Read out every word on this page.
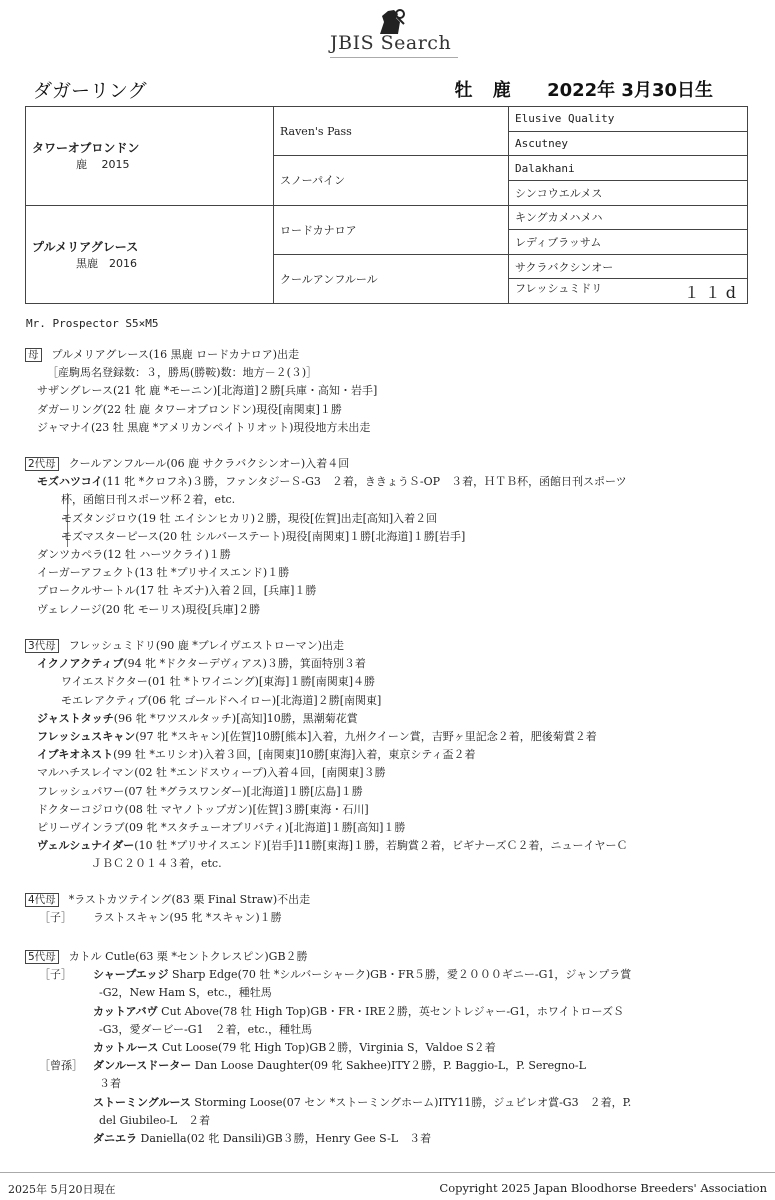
JBIS Search
ダガーリング	牡 鹿 2022年 3月30日生
タワーオブロンドン
鹿　 2015	Raven's Pass	Elusive Quality
		Ascutney
	スノーパイン	Dalakhani
		シンコウエルメス

プルメリアグレース
黒鹿　2016	ロードカナロア	キングカメハメハ
		レディブラッサム
	クールアンフルール	サクラバクシンオー
		フレッシュミドリ １１d
Mr. Prospector S5×M5
母 プルメリアグレース(16 黒鹿 ロードカナロア)出走
［産駒馬名登録数：３，勝馬(勝鞍)数：地方－２(３)］
サザングレース(21 牝 鹿 *モーニン)[北海道]２勝[兵庫・高知・岩手]
ダガーリング(22 牡 鹿 タワーオブロンドン)現役[南関東]１勝
ジャマナイ(23 牡 黒鹿 *アメリカンペイトリオット)現役地方未出走
2代母 クールアンフルール(06 鹿 サクラバクシンオー)入着４回
モズハツコイ(11 牝 *クロフネ)３勝，ファンタジーＳ-G3　２着，ききょうＳ-OP　３着，ＨＴＢ杯，函館日刊スポーツ
杯，函館日刊スポーツ杯２着，etc.
モズタンジロウ(19 牡 エイシンヒカリ)２勝，現役[佐賀]出走[高知]入着２回
モズマスターピース(20 牡 シルバーステート)現役[南関東]１勝[北海道]１勝[岩手]
ダンツカペラ(12 牡 ハーツクライ)１勝
イーガーアフェクト(13 牡 *プリサイスエンド)１勝
プロークルサートル(17 牡 キズナ)入着２回，[兵庫]１勝
ヴェレノージ(20 牝 モーリス)現役[兵庫]２勝
3代母 フレッシュミドリ(90 鹿 *ブレイヴエストローマン)出走
イクノアクティブ(94 牝 *ドクターデヴィアス)３勝，箕面特別３着
ワイエスドクター(01 牡 *トワイニング)[東海]１勝[南関東]４勝
モエレアクティブ(06 牝 ゴールドヘイロー)[北海道]２勝[南関東]
ジャストタッチ(96 牝 *ワツスルタッチ)[高知]10勝，黒潮菊花賞
フレッシュスキャン(97 牝 *スキャン)[佐賀]10勝[熊本]入着，九州クイーン賞，吉野ヶ里記念２着，肥後菊賞２着
イブキオネスト(99 牡 *エリシオ)入着３回，[南関東]10勝[東海]入着，東京シティ盃２着
マルハチスレイマン(02 牡 *エンドスウィープ)入着４回，[南関東]３勝
フレッシュパワー(07 牡 *グラスワンダー)[北海道]１勝[広島]１勝
ドクターコジロウ(08 牡 マヤノトップガン)[佐賀]３勝[東海・石川]
ピリーヴインラブ(09 牝 *スタチューオブリバティ)[北海道]１勝[高知]１勝
ヴェルシュナイダー(10 牡 *プリサイスエンド)[岩手]11勝[東海]１勝，若駒賞２着，ビギナーズＣ２着，ニューイヤーＣ
ＪＢＣ２０１４３着，etc.
4代母 *ラストカツテイング(83 栗 Final Straw)不出走
［子］ ラストスキャン(95 牝 *スキャン)１勝
5代母 カトル Cutle(63 栗 *セントクレスピン)GB２勝
［子］ シャープエッジ Sharp Edge(70 牡 *シルバーシャーク)GB・FR５勝，愛２０００ギニー-G1，ジャンプラ賞
-G2，New Ham S，etc.，種牡馬
カットアバヴ Cut Above(78 牡 High Top)GB・FR・IRE２勝，英セントレジャー-G1，ホワイトローズＳ
-G3，愛ダービー-G1　２着，etc.，種牡馬
カットルース Cut Loose(79 牝 High Top)GB２勝，Virginia S，Valdoe S２着
［曾孫］ ダンルースドーター Dan Loose Daughter(09 牝 Sakhee)ITY２勝，P. Baggio-L，P. Seregno-L
３着
ストーミングルース Storming Loose(07 セン *ストーミングホーム)ITY11勝，ジュビレオ賞-G3　２着，P.
del Giubileo-L　２着
ダニエラ Daniella(02 牝 Dansili)GB３勝，Henry Gee S-L　３着
2025年 5月20日現在	Copyright 2025 Japan Bloodhorse Breeders' Association
